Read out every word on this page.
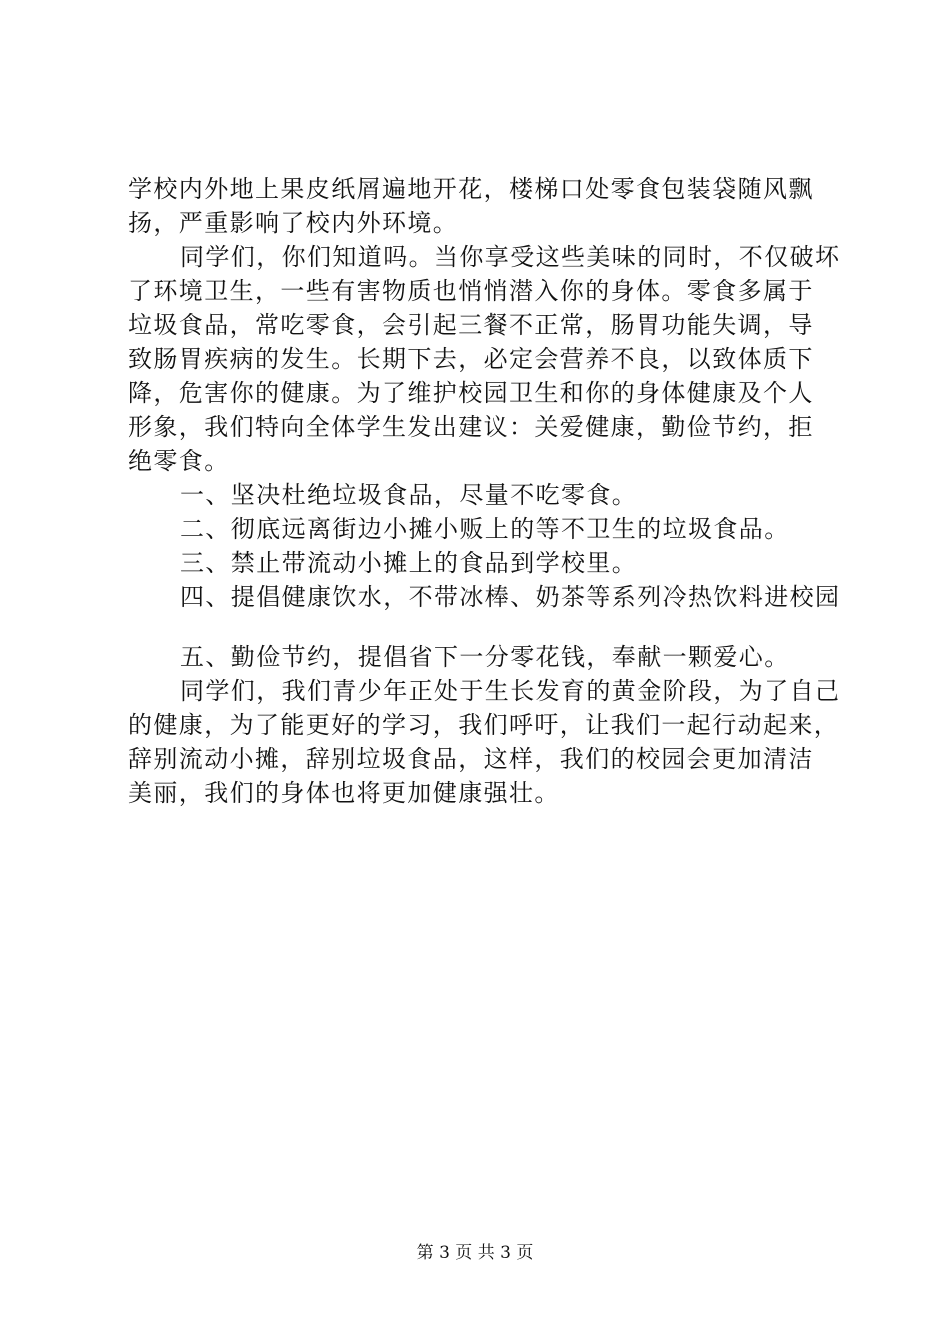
学校内外地上果皮纸屑遍地开花，楼梯口处零食包装袋随风飘
扬，严重影响了校内外环境。
同学们，你们知道吗。当你享受这些美味的同时，不仅破坏
了环境卫生，一些有害物质也悄悄潜入你的身体。零食多属于
垃圾食品，常吃零食，会引起三餐不正常，肠胃功能失调，导
致肠胃疾病的发生。长期下去，必定会营养不良，以致体质下
降，危害你的健康。为了维护校园卫生和你的身体健康及个人
形象，我们特向全体学生发出建议：关爱健康，勤俭节约，拒
绝零食。
一、坚决杜绝垃圾食品，尽量不吃零食。
二、彻底远离街边小摊小贩上的等不卫生的垃圾食品。
三、禁止带流动小摊上的食品到学校里。
四、提倡健康饮水，不带冰棒、奶茶等系列冷热饮料进校园
五、勤俭节约，提倡省下一分零花钱，奉献一颗爱心。
同学们，我们青少年正处于生长发育的黄金阶段，为了自己
的健康，为了能更好的学习，我们呼吁，让我们一起行动起来，
辞别流动小摊，辞别垃圾食品，这样，我们的校园会更加清洁
美丽，我们的身体也将更加健康强壮。
第 3 页 共 3 页
